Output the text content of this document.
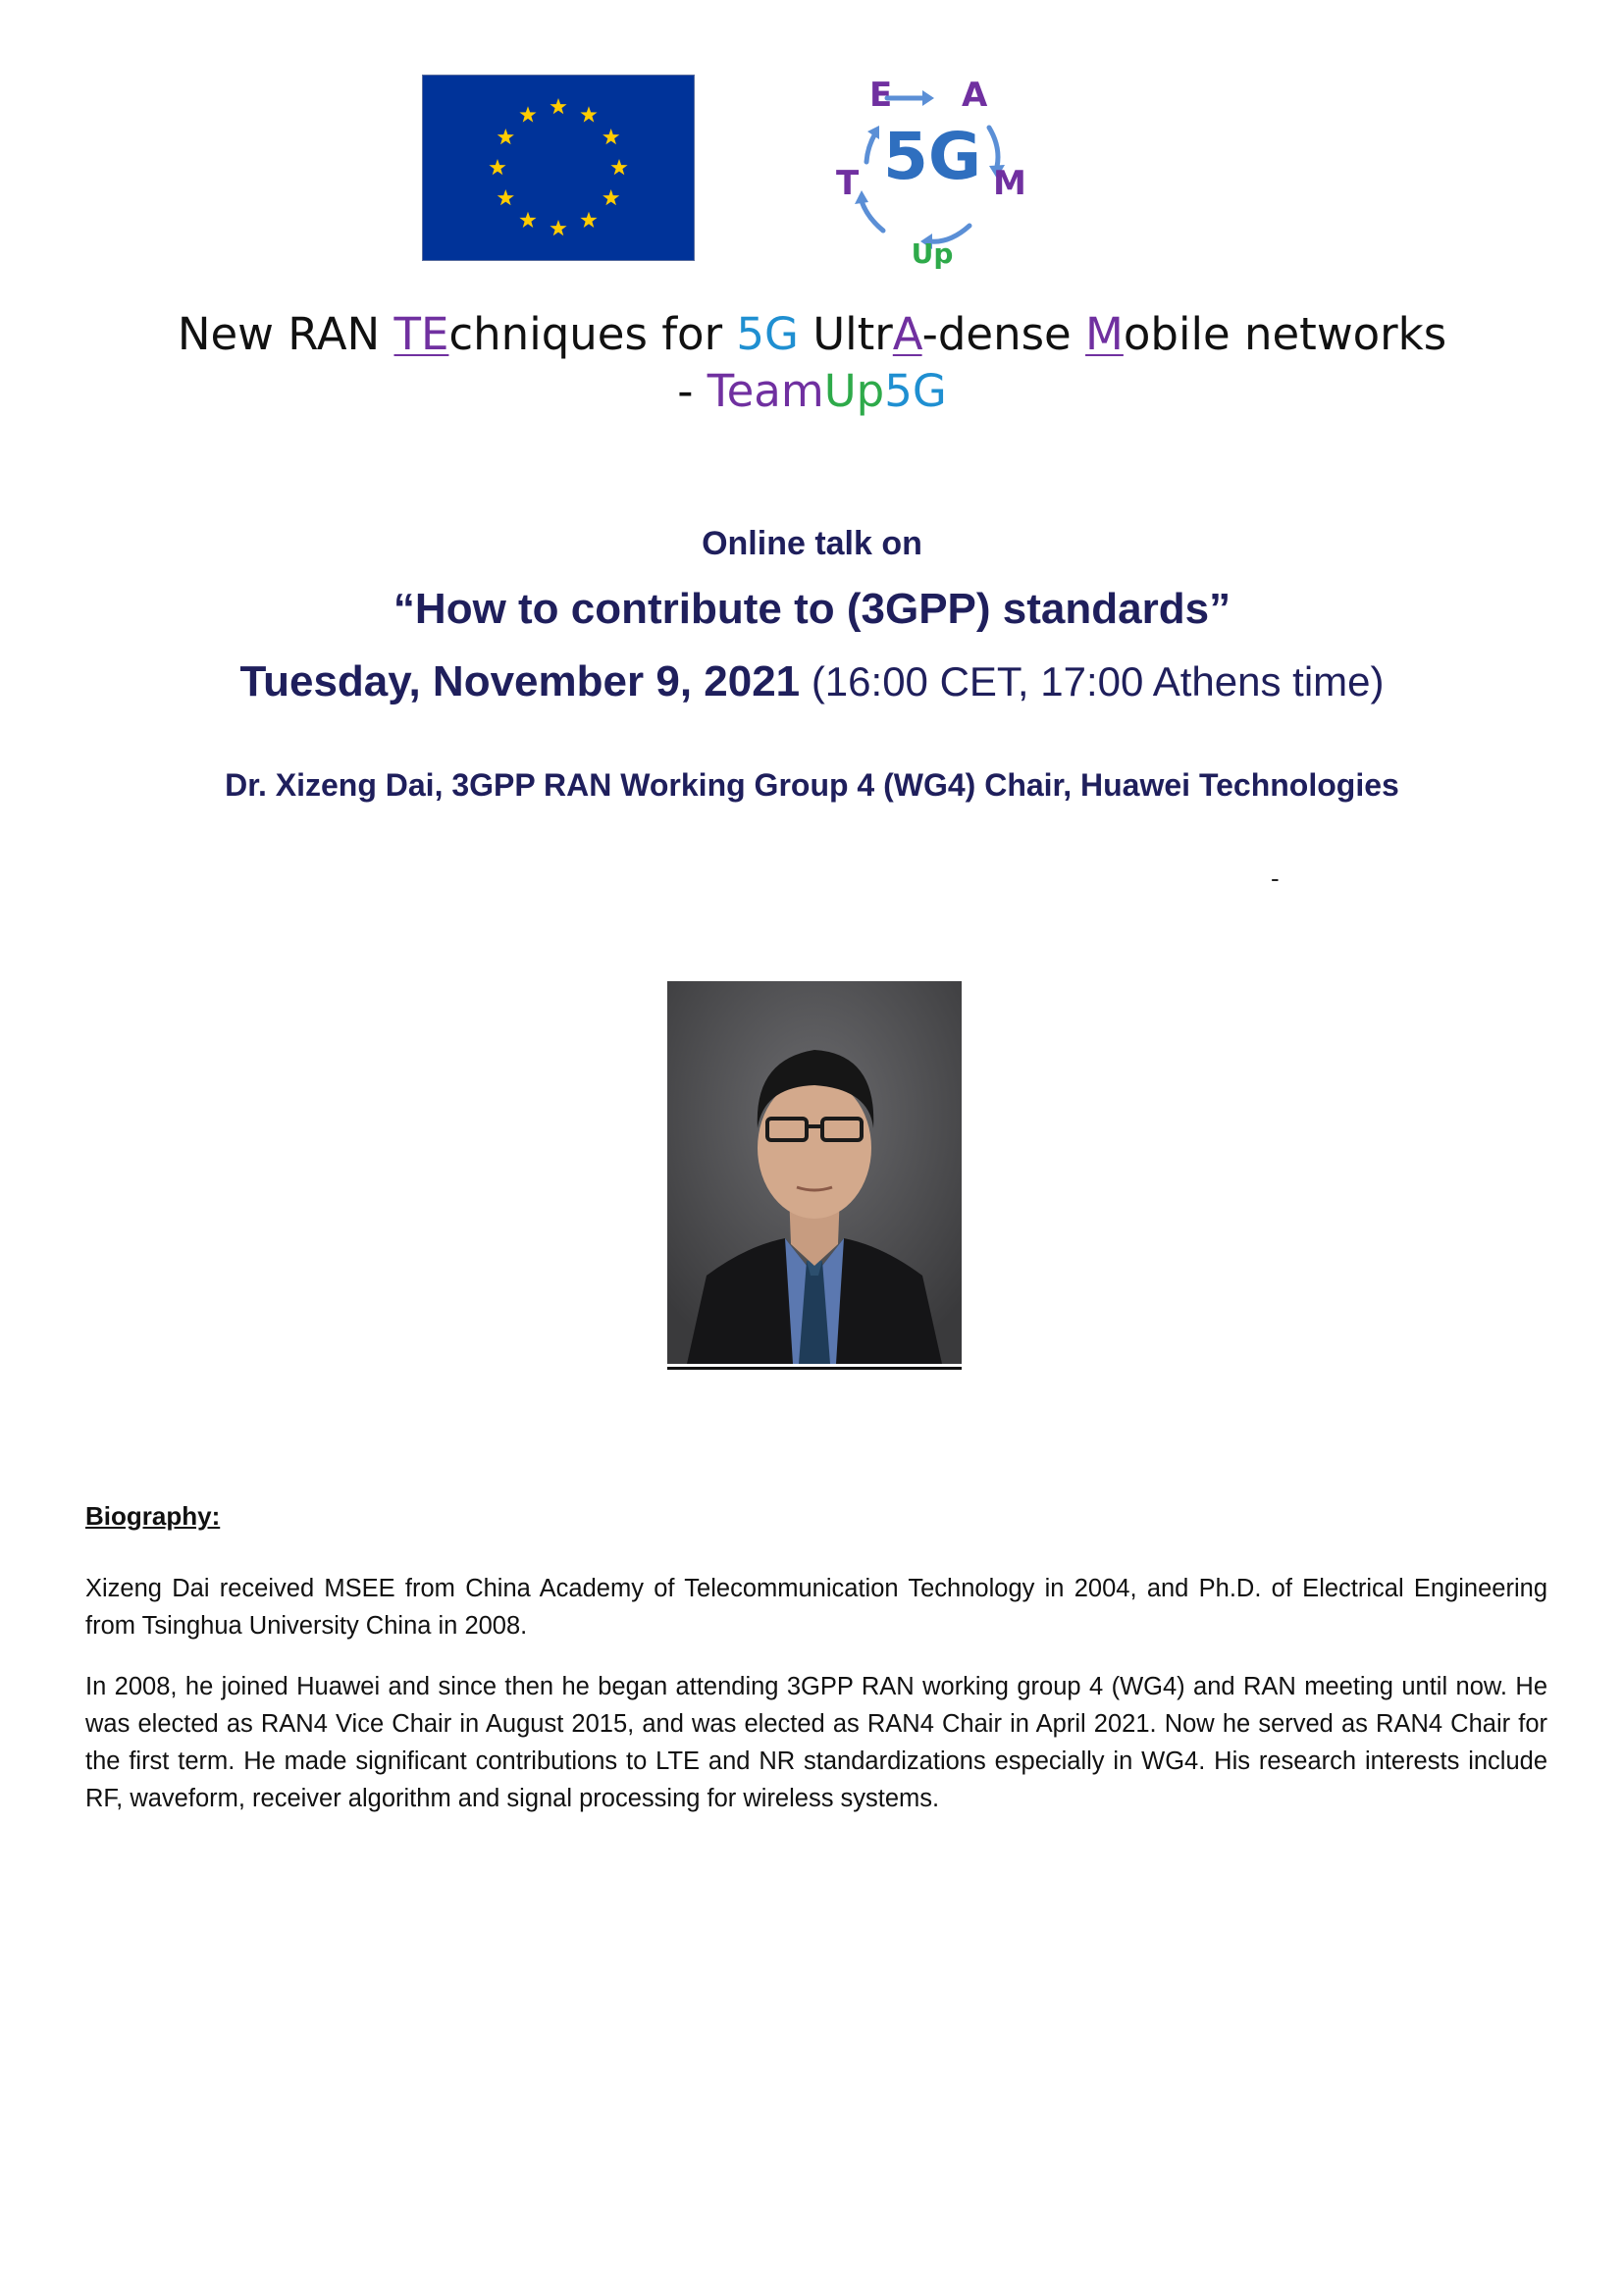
E A
T	M
5G
Up
New RAN TEchniques for 5G UltrA-dense Mobile networks
- TeamUp5G
Online talk on
“How to contribute to (3GPP) standards”
Tuesday, November 9, 2021 (16:00 CET, 17:00 Athens time)
Dr. Xizeng Dai, 3GPP RAN Working Group 4 (WG4) Chair, Huawei Technologies
-
Biography:

Xizeng Dai received MSEE from China Academy of Telecommunication Technology in 2004, and Ph.D. of Electrical Engineering from Tsinghua University China in 2008.

In 2008, he joined Huawei and since then he began attending 3GPP RAN working group 4 (WG4) and RAN meeting until now. He was elected as RAN4 Vice Chair in August 2015, and was elected as RAN4 Chair in April 2021. Now he served as RAN4 Chair for the first term. He made significant contributions to LTE and NR standardizations especially in WG4. His research interests include RF, waveform, receiver algorithm and signal processing for wireless systems.
